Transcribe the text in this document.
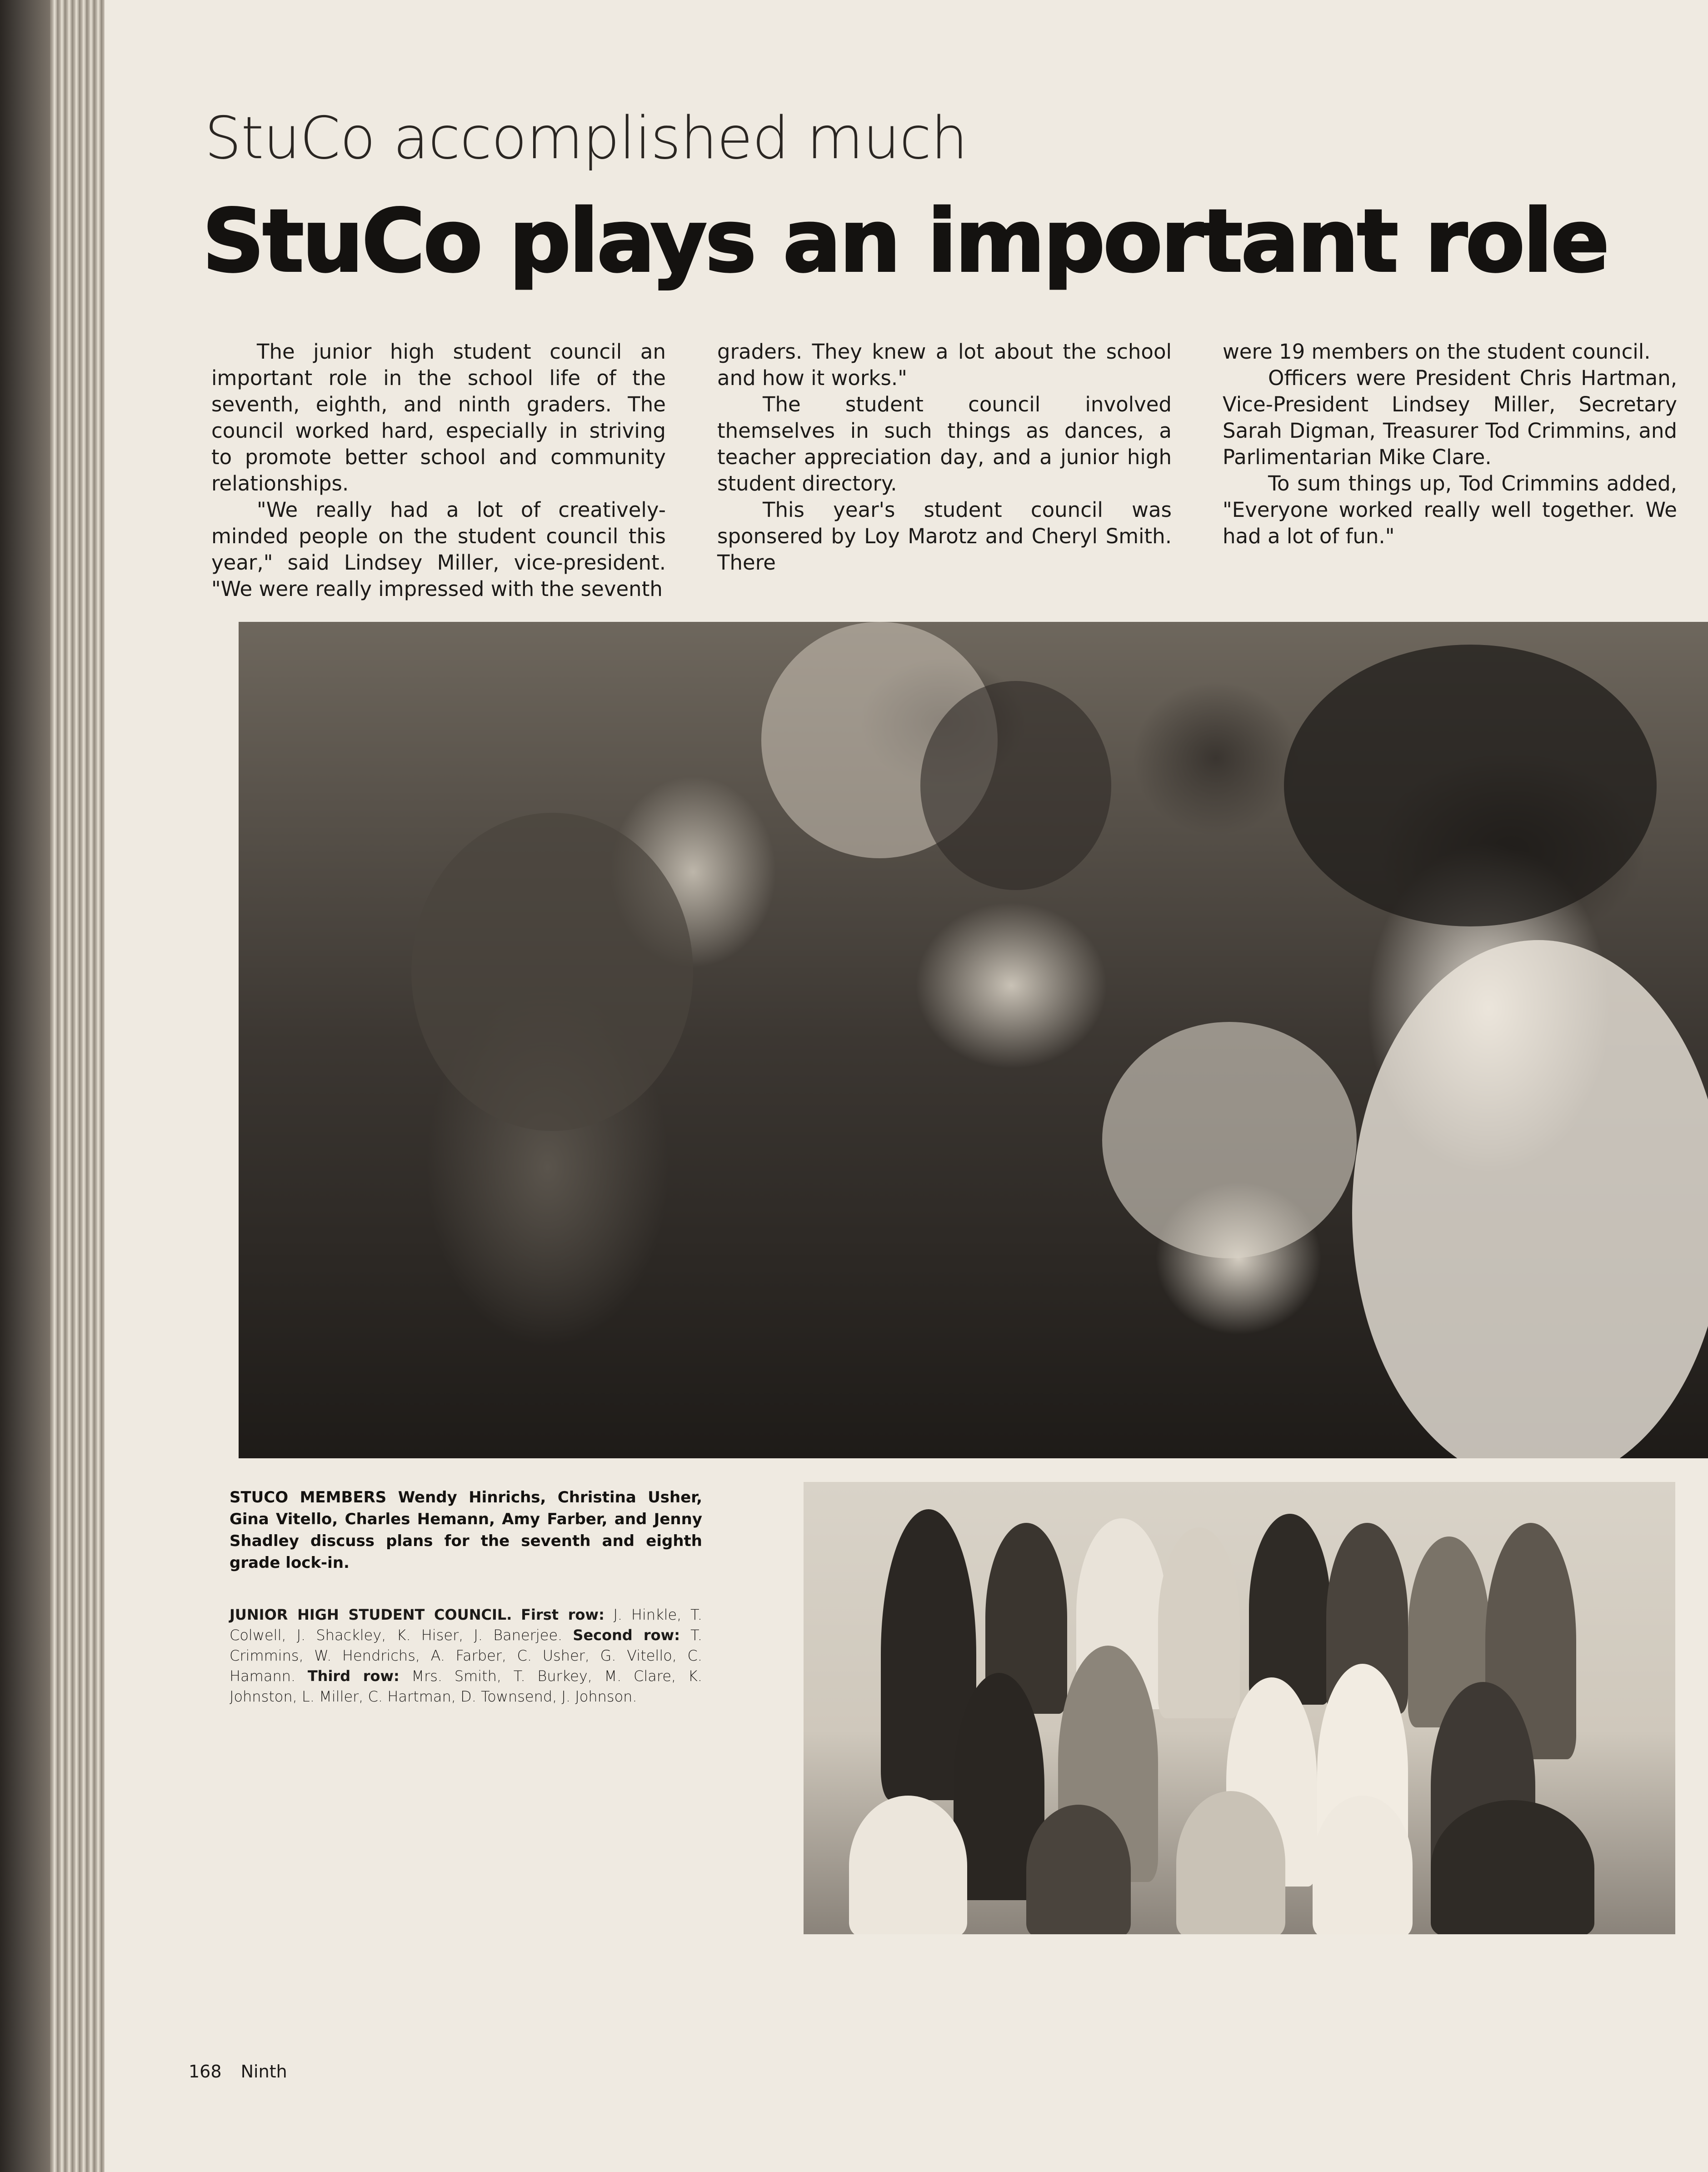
StuCo accomplished much
StuCo plays an important role

The junior high student council an important role in the school life of the seventh, eighth, and ninth graders. The council worked hard, especially in striving to promote better school and community relationships.

"We really had a lot of creatively-minded people on the student council this year," said Lindsey Miller, vice-president. "We were really impressed with the seventh

graders. They knew a lot about the school and how it works."

The student council involved themselves in such things as dances, a teacher appreciation day, and a junior high student directory.

This year's student council was sponsered by Loy Marotz and Cheryl Smith. There

were 19 members on the student council.

Officers were President Chris Hartman, Vice-President Lindsey Miller, Secretary Sarah Digman, Treasurer Tod Crimmins, and Parlimentarian Mike Clare.

To sum things up, Tod Crimmins added, "Everyone worked really well together. We had a lot of fun."

STUCO MEMBERS Wendy Hinrichs, Christina Usher, Gina Vitello, Charles Hemann, Amy Farber, and Jenny Shadley discuss plans for the seventh and eighth grade lock-in.
JUNIOR HIGH STUDENT COUNCIL. First row: J. Hinkle, T. Colwell, J. Shackley, K. Hiser, J. Banerjee. Second row: T. Crimmins, W. Hendrichs, A. Farber, C. Usher, G. Vitello, C. Hamann. Third row: Mrs. Smith, T. Burkey, M. Clare, K. Johnston, L. Miller, C. Hartman, D. Townsend, J. Johnson.
168 Ninth
